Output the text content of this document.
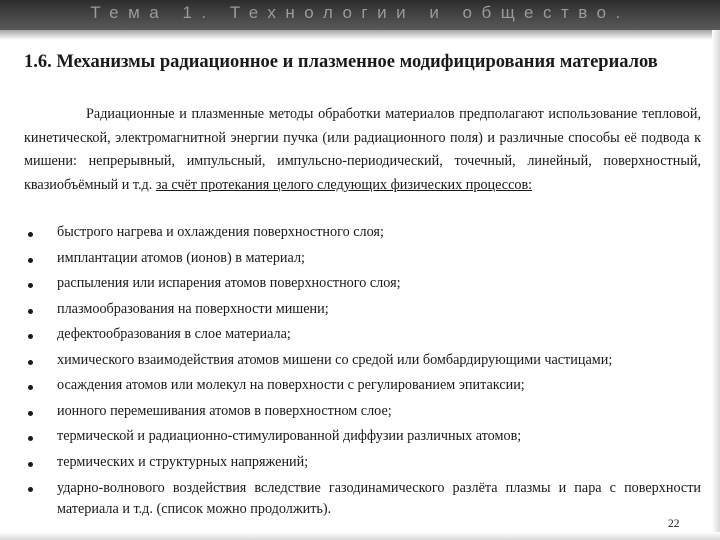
Тема 1. Технологии и общество.
1.6. Механизмы радиационное и плазменное модифицирования материалов

Радиационные и плазменные методы обработки материалов предполагают использование тепловой, кинетической, электромагнитной энергии пучка (или радиационного поля) и различные способы её подвода к мишени: непрерывный, импульсный, импульсно-периодический, точечный, линейный, поверхностный, квазиобъёмный и т.д. за счёт протекания целого следующих физических процессов:

быстрого нагрева и охлаждения поверхностного слоя;
имплантации атомов (ионов) в материал;
распыления или испарения атомов поверхностного слоя;
плазмообразования на поверхности мишени;
дефектообразования в слое материала;
химического взаимодействия атомов мишени со средой или бомбардирующими частицами;
осаждения атомов или молекул на поверхности с регулированием эпитаксии;
ионного перемешивания атомов в поверхностном слое;
термической и радиационно-стимулированной диффузии различных атомов;
термических и структурных напряжений;
ударно-волнового воздействия вследствие газодинамического разлёта плазмы и пара с поверхности материала и т.д. (список можно продолжить).
22
